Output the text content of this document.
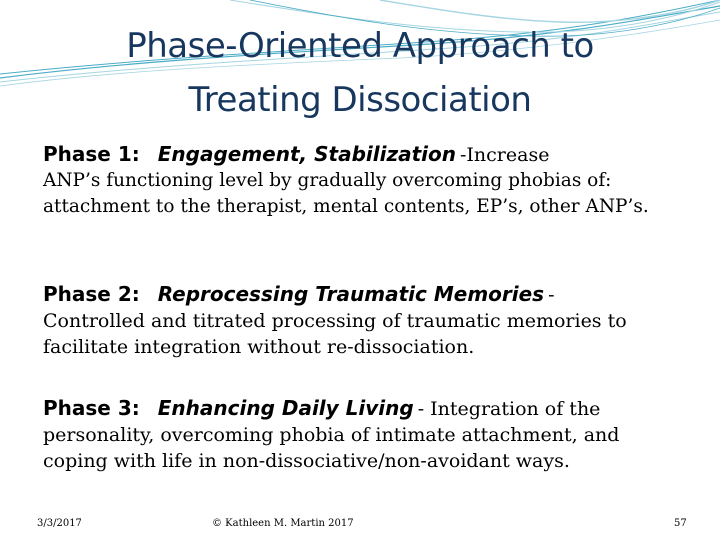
Phase-Oriented Approach to
Treating Dissociation
Phase 1: Engagement, Stabilization -Increase
ANP’s functioning level by gradually overcoming phobias of: attachment to the therapist, mental contents, EP’s, other ANP’s.
Phase 2: Reprocessing Traumatic Memories -
Controlled and titrated processing of traumatic memories to facilitate integration without re-dissociation.
Phase 3: Enhancing Daily Living - Integration of the
personality, overcoming phobia of intimate attachment, and coping with life in non-dissociative/non-avoidant ways.
3/3/2017	© Kathleen M. Martin 2017	57
